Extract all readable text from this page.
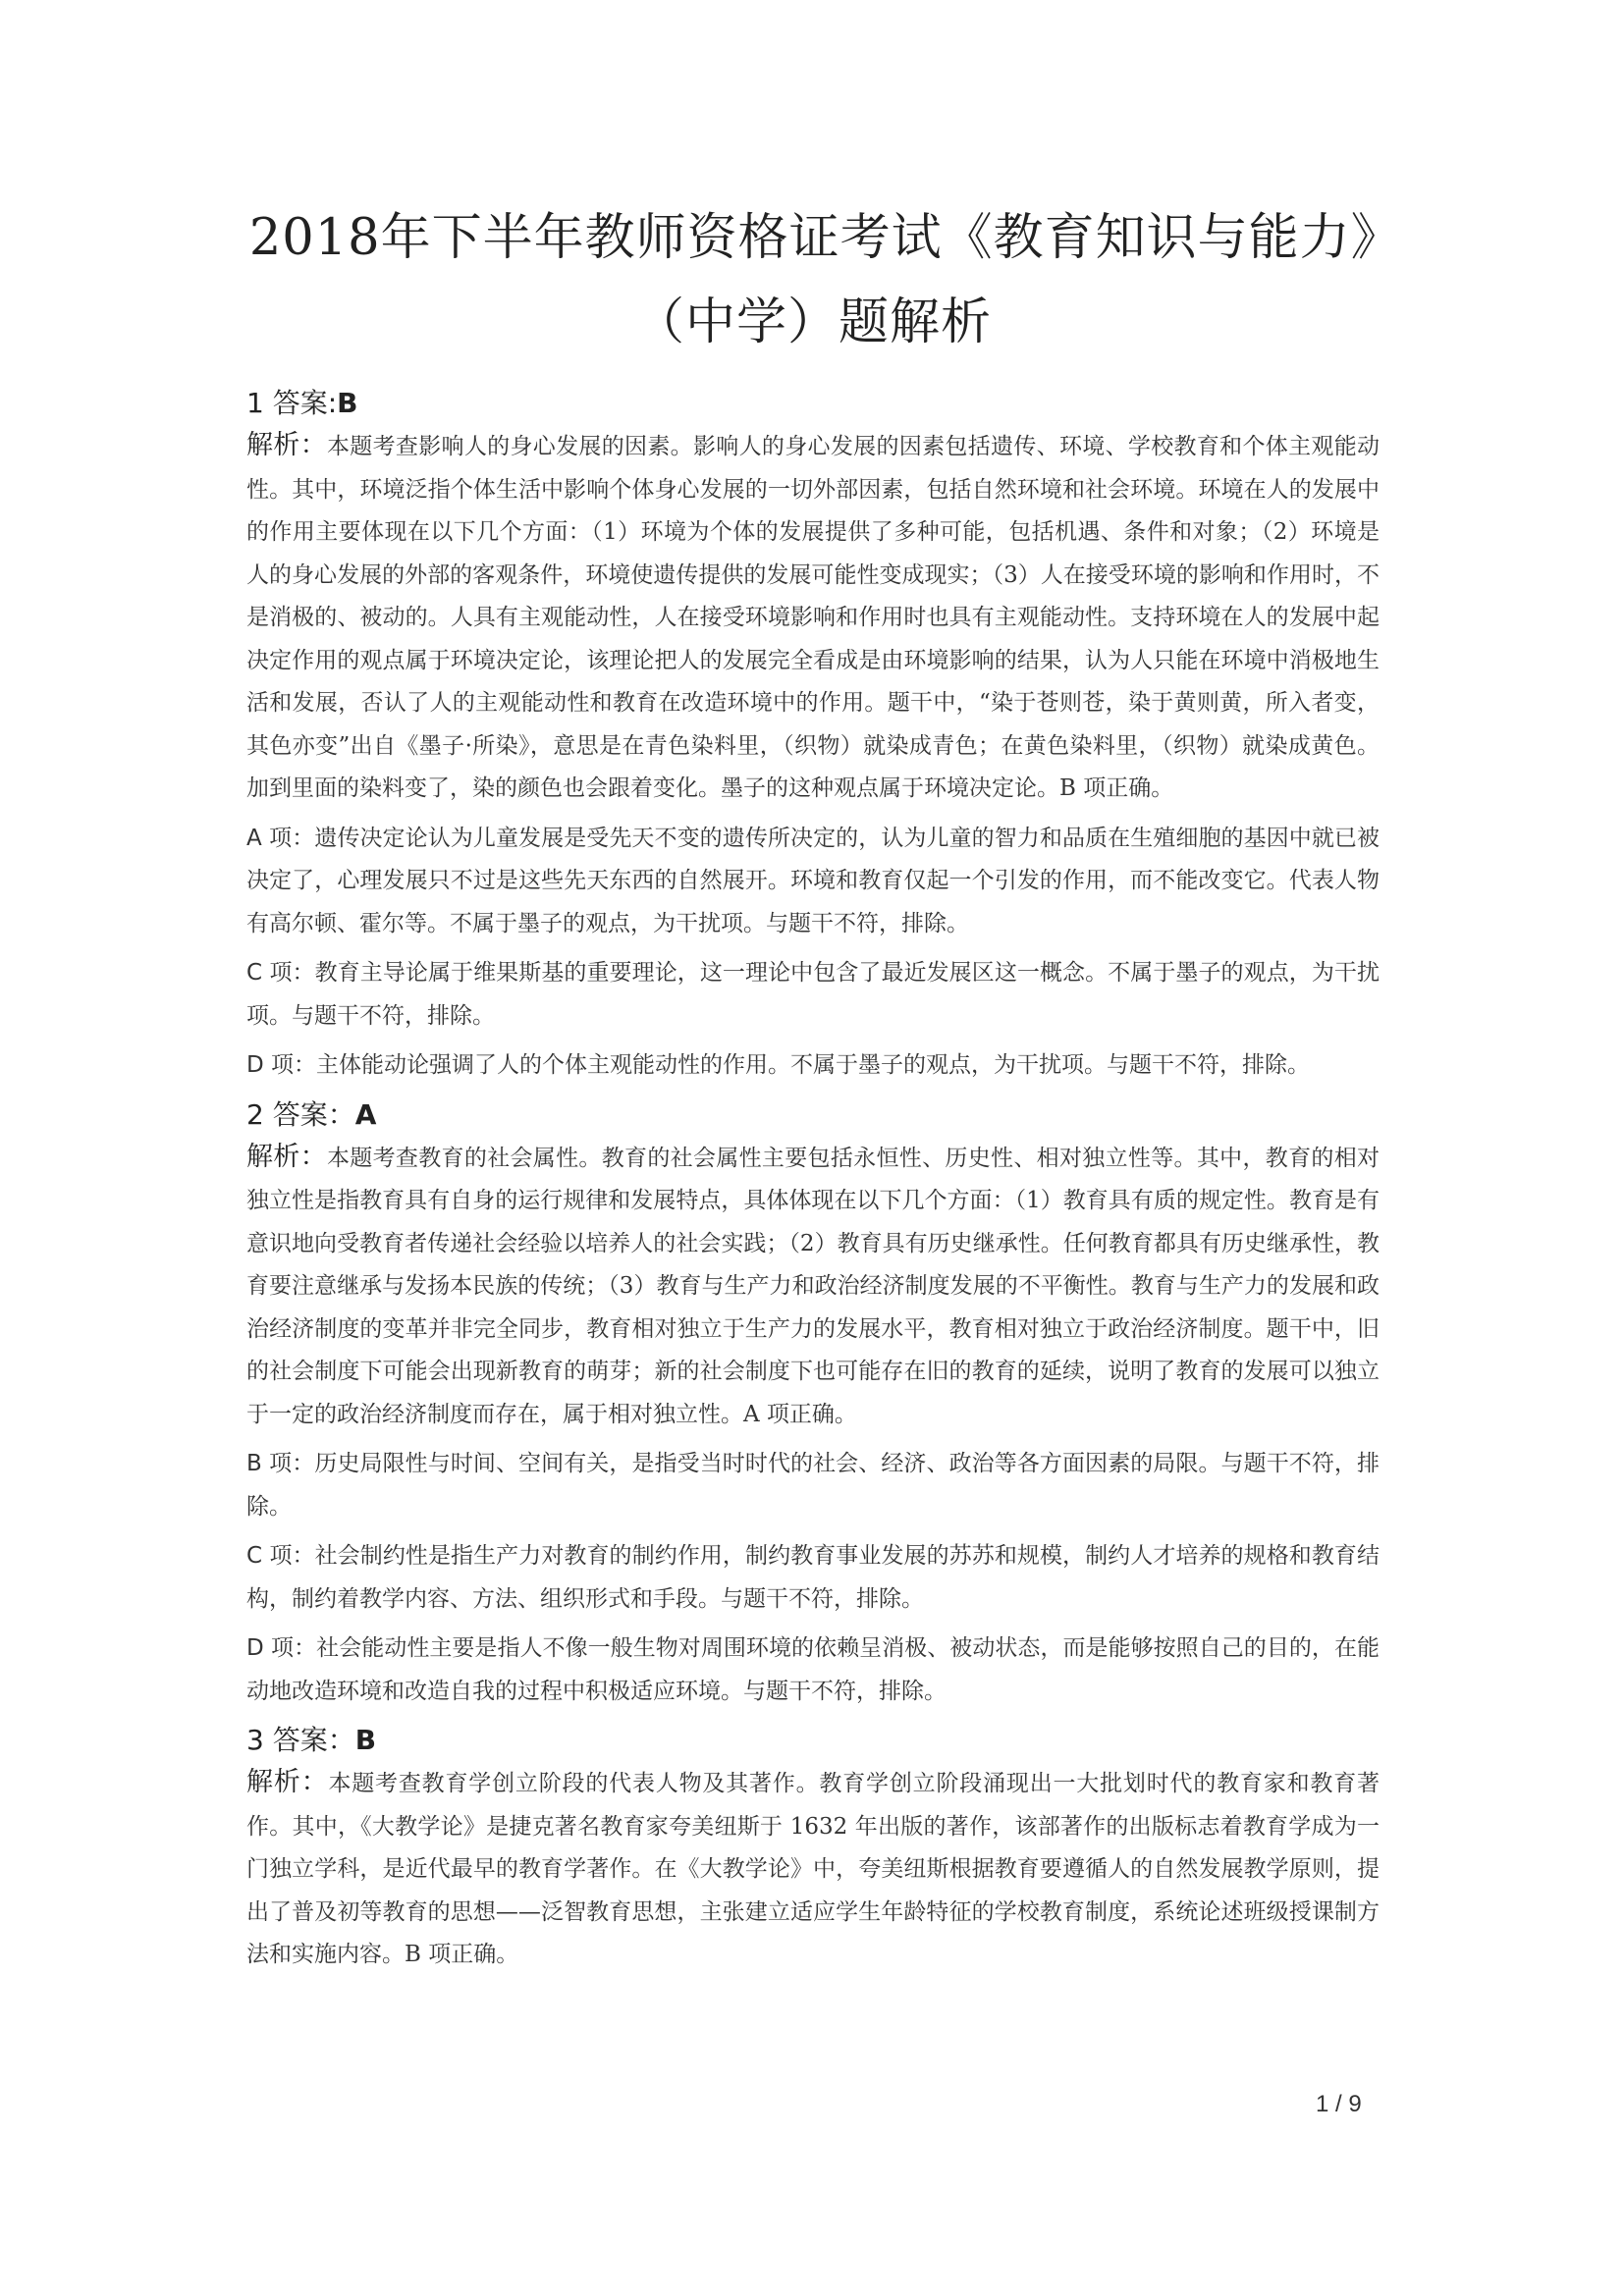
2018年下半年教师资格证考试《教育知识与能力》（中学）题解析

1 答案:B

解析：本题考查影响人的身心发展的因素。影响人的身心发展的因素包括遗传、环境、学校教育和个体主观能动性。其中，环境泛指个体生活中影响个体身心发展的一切外部因素，包括自然环境和社会环境。环境在人的发展中的作用主要体现在以下几个方面：（1）环境为个体的发展提供了多种可能，包括机遇、条件和对象；（2）环境是人的身心发展的外部的客观条件，环境使遗传提供的发展可能性变成现实；（3）人在接受环境的影响和作用时，不是消极的、被动的。人具有主观能动性，人在接受环境影响和作用时也具有主观能动性。支持环境在人的发展中起决定作用的观点属于环境决定论，该理论把人的发展完全看成是由环境影响的结果，认为人只能在环境中消极地生活和发展，否认了人的主观能动性和教育在改造环境中的作用。题干中，“染于苍则苍，染于黄则黄，所入者变，其色亦变”出自《墨子·所染》，意思是在青色染料里，（织物）就染成青色；在黄色染料里，（织物）就染成黄色。加到里面的染料变了，染的颜色也会跟着变化。墨子的这种观点属于环境决定论。B 项正确。

A 项：遗传决定论认为儿童发展是受先天不变的遗传所决定的，认为儿童的智力和品质在生殖细胞的基因中就已被决定了，心理发展只不过是这些先天东西的自然展开。环境和教育仅起一个引发的作用，而不能改变它。代表人物有高尔顿、霍尔等。不属于墨子的观点，为干扰项。与题干不符，排除。

C 项：教育主导论属于维果斯基的重要理论，这一理论中包含了最近发展区这一概念。不属于墨子的观点，为干扰项。与题干不符，排除。

D 项：主体能动论强调了人的个体主观能动性的作用。不属于墨子的观点，为干扰项。与题干不符，排除。

2 答案：A

解析：本题考查教育的社会属性。教育的社会属性主要包括永恒性、历史性、相对独立性等。其中，教育的相对独立性是指教育具有自身的运行规律和发展特点，具体体现在以下几个方面：（1）教育具有质的规定性。教育是有意识地向受教育者传递社会经验以培养人的社会实践；（2）教育具有历史继承性。任何教育都具有历史继承性，教育要注意继承与发扬本民族的传统；（3）教育与生产力和政治经济制度发展的不平衡性。教育与生产力的发展和政治经济制度的变革并非完全同步，教育相对独立于生产力的发展水平，教育相对独立于政治经济制度。题干中，旧的社会制度下可能会出现新教育的萌芽；新的社会制度下也可能存在旧的教育的延续，说明了教育的发展可以独立于一定的政治经济制度而存在，属于相对独立性。A 项正确。

B 项：历史局限性与时间、空间有关，是指受当时时代的社会、经济、政治等各方面因素的局限。与题干不符，排除。

C 项：社会制约性是指生产力对教育的制约作用，制约教育事业发展的苏苏和规模，制约人才培养的规格和教育结构，制约着教学内容、方法、组织形式和手段。与题干不符，排除。

D 项：社会能动性主要是指人不像一般生物对周围环境的依赖呈消极、被动状态，而是能够按照自己的目的，在能动地改造环境和改造自我的过程中积极适应环境。与题干不符，排除。

3 答案：B

解析：本题考查教育学创立阶段的代表人物及其著作。教育学创立阶段涌现出一大批划时代的教育家和教育著作。其中，《大教学论》是捷克著名教育家夸美纽斯于 1632 年出版的著作，该部著作的出版标志着教育学成为一门独立学科，是近代最早的教育学著作。在《大教学论》中，夸美纽斯根据教育要遵循人的自然发展教学原则，提出了普及初等教育的思想——泛智教育思想，主张建立适应学生年龄特征的学校教育制度，系统论述班级授课制方法和实施内容。B 项正确。

1 / 9
